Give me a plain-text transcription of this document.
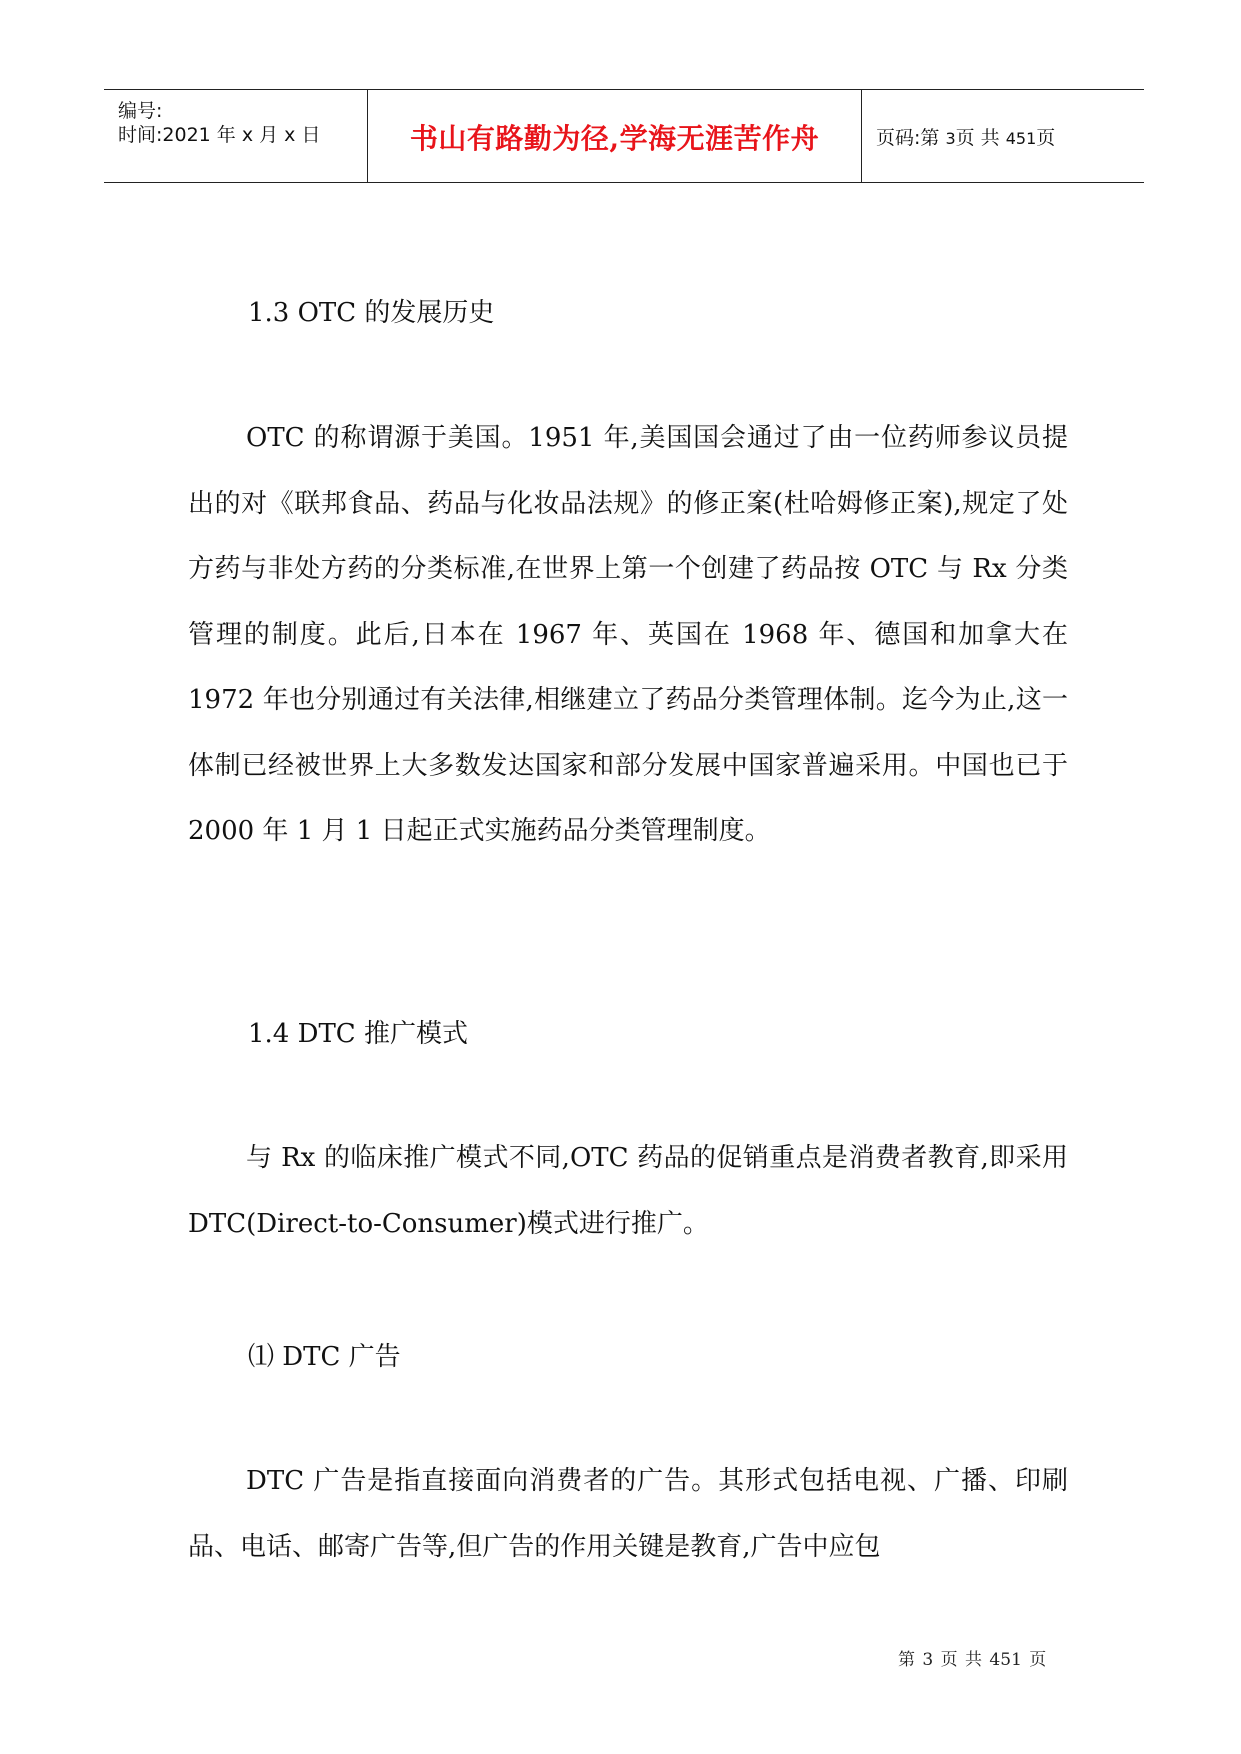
编号:
时间:2021 年 x 月 x 日	书山有路勤为径,学海无涯苦作舟	页码:第 3页 共 451页
1.3 OTC 的发展历史
OTC 的称谓源于美国。1951 年,美国国会通过了由一位药师参议员提出的对《联邦食品、药品与化妆品法规》的修正案(杜哈姆修正案),规定了处方药与非处方药的分类标准,在世界上第一个创建了药品按 OTC 与 Rx 分类管理的制度。此后,日本在 1967 年、英国在 1968 年、德国和加拿大在 1972 年也分别通过有关法律,相继建立了药品分类管理体制。迄今为止,这一体制已经被世界上大多数发达国家和部分发展中国家普遍采用。中国也已于 2000 年 1 月 1 日起正式实施药品分类管理制度。
1.4 DTC 推广模式
与 Rx 的临床推广模式不同,OTC 药品的促销重点是消费者教育,即采用 DTC(Direct-to-Consumer)模式进行推广。
⑴ DTC 广告
DTC 广告是指直接面向消费者的广告。其形式包括电视、广播、印刷品、电话、邮寄广告等,但广告的作用关键是教育,广告中应包
第 3 页 共 451 页
